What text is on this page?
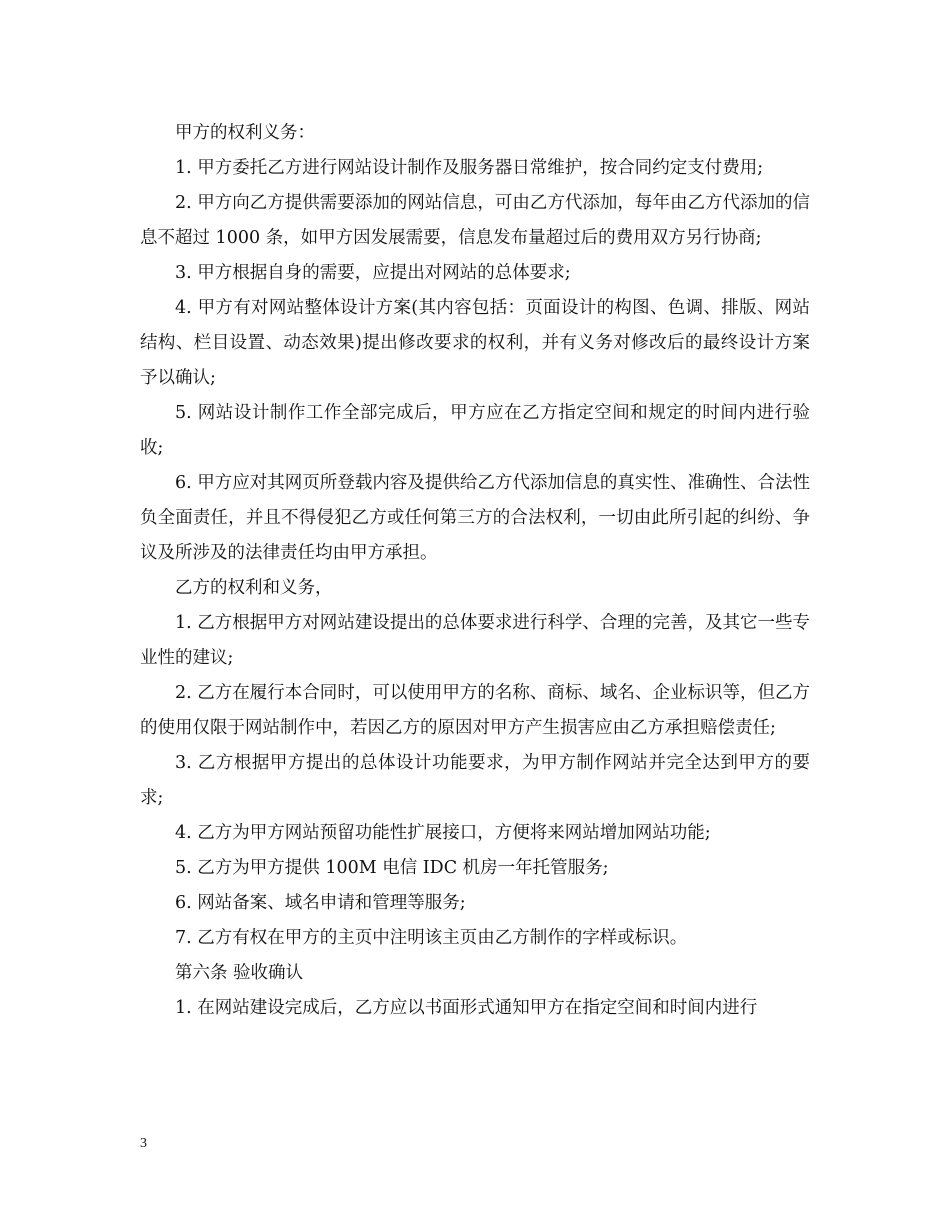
甲方的权利义务：

1. 甲方委托乙方进行网站设计制作及服务器日常维护，按合同约定支付费用;

2. 甲方向乙方提供需要添加的网站信息，可由乙方代添加，每年由乙方代添加的信息不超过 1000 条，如甲方因发展需要，信息发布量超过后的费用双方另行协商;

3. 甲方根据自身的需要，应提出对网站的总体要求;

4. 甲方有对网站整体设计方案(其内容包括：页面设计的构图、色调、排版、网站结构、栏目设置、动态效果)提出修改要求的权利，并有义务对修改后的最终设计方案予以确认;

5. 网站设计制作工作全部完成后，甲方应在乙方指定空间和规定的时间内进行验收;

6. 甲方应对其网页所登载内容及提供给乙方代添加信息的真实性、准确性、合法性负全面责任，并且不得侵犯乙方或任何第三方的合法权利，一切由此所引起的纠纷、争议及所涉及的法律责任均由甲方承担。

乙方的权利和义务，

1. 乙方根据甲方对网站建设提出的总体要求进行科学、合理的完善，及其它一些专业性的建议;

2. 乙方在履行本合同时，可以使用甲方的名称、商标、域名、企业标识等，但乙方的使用仅限于网站制作中，若因乙方的原因对甲方产生损害应由乙方承担赔偿责任;

3. 乙方根据甲方提出的总体设计功能要求，为甲方制作网站并完全达到甲方的要求;

4. 乙方为甲方网站预留功能性扩展接口，方便将来网站增加网站功能;

5. 乙方为甲方提供 100M 电信 IDC 机房一年托管服务;

6. 网站备案、域名申请和管理等服务;

7. 乙方有权在甲方的主页中注明该主页由乙方制作的字样或标识。

第六条 验收确认

1. 在网站建设完成后，乙方应以书面形式通知甲方在指定空间和时间内进行

3
